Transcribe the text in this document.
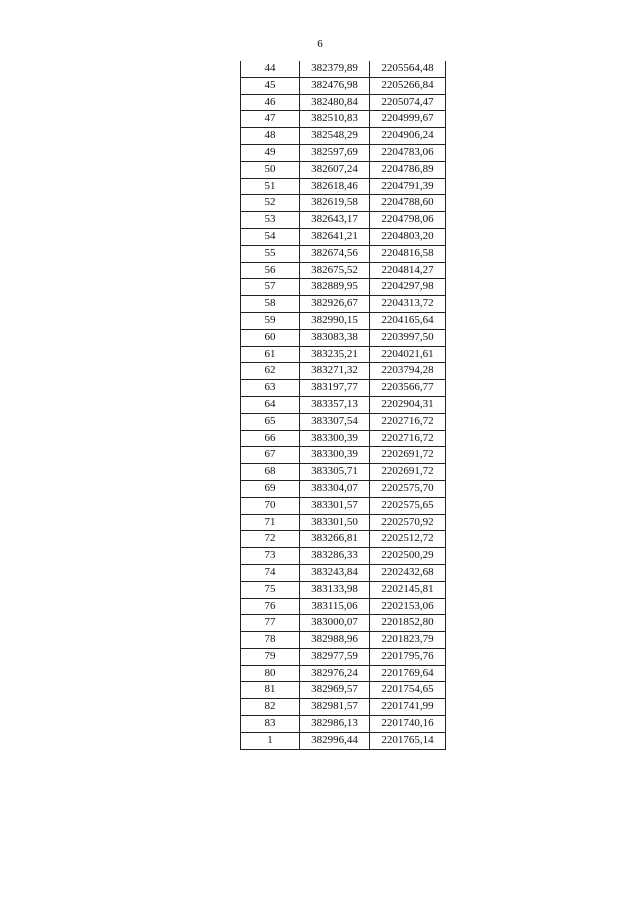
6
44	382379,89	2205564,48
45	382476,98	2205266,84
46	382480,84	2205074,47
47	382510,83	2204999,67
48	382548,29	2204906,24
49	382597,69	2204783,06
50	382607,24	2204786,89
51	382618,46	2204791,39
52	382619,58	2204788,60
53	382643,17	2204798,06
54	382641,21	2204803,20
55	382674,56	2204816,58
56	382675,52	2204814,27
57	382889,95	2204297,98
58	382926,67	2204313,72
59	382990,15	2204165,64
60	383083,38	2203997,50
61	383235,21	2204021,61
62	383271,32	2203794,28
63	383197,77	2203566,77
64	383357,13	2202904,31
65	383307,54	2202716,72
66	383300,39	2202716,72
67	383300,39	2202691,72
68	383305,71	2202691,72
69	383304,07	2202575,70
70	383301,57	2202575,65
71	383301,50	2202570,92
72	383266,81	2202512,72
73	383286,33	2202500,29
74	383243,84	2202432,68
75	383133,98	2202145,81
76	383115,06	2202153,06
77	383000,07	2201852,80
78	382988,96	2201823,79
79	382977,59	2201795,76
80	382976,24	2201769,64
81	382969,57	2201754,65
82	382981,57	2201741,99
83	382986,13	2201740,16
1	382996,44	2201765,14
